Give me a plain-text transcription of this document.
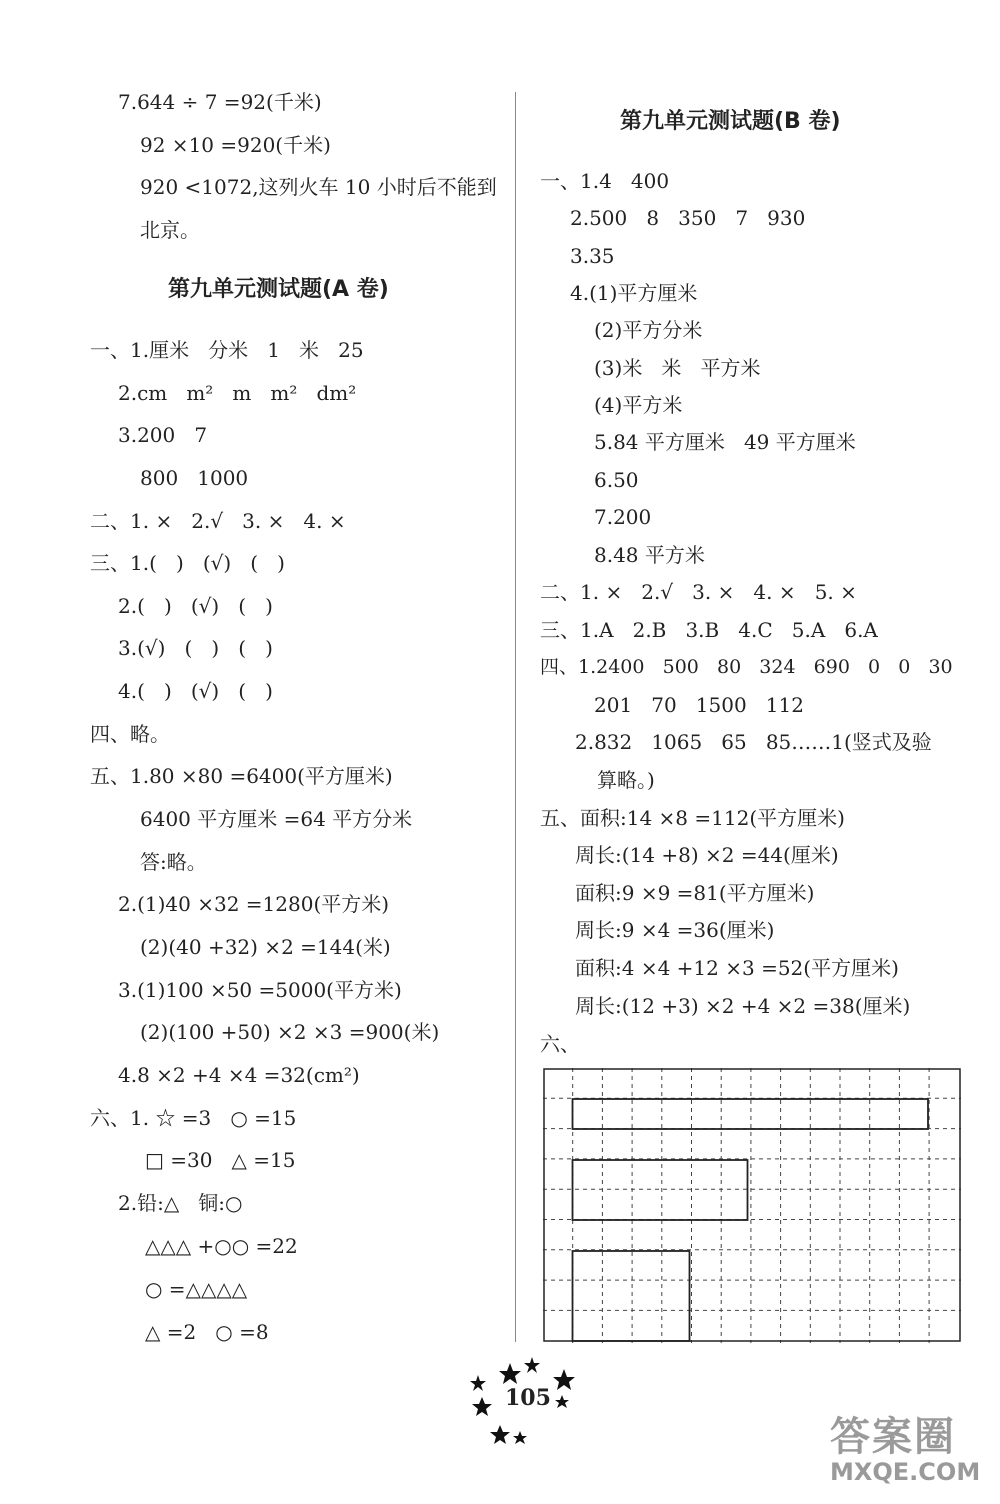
7.644 ÷ 7 =92(千米)
92 ×10 =920(千米)
920 <1072,这列火车 10 小时后不能到
北京。
第九单元测试题(A 卷)
一、1.厘米   分米   1   米   25
2.cm   m²   m   m²   dm²
3.200   7
800   1000
二、1. ×   2.√   3. ×   4. ×
三、1.(   )   (√)   (   )
2.(   )   (√)   (   )
3.(√)   (   )   (   )
4.(   )   (√)   (   )
四、略。
五、1.80 ×80 =6400(平方厘米)
6400 平方厘米 =64 平方分米
答:略。
2.(1)40 ×32 =1280(平方米)
(2)(40 +32) ×2 =144(米)
3.(1)100 ×50 =5000(平方米)
(2)(100 +50) ×2 ×3 =900(米)
4.8 ×2 +4 ×4 =32(cm²)
六、1. ☆ =3   ○ =15
□ =30   △ =15
2.铅:△   铜:○
△△△ +○○ =22
○ =△△△△
△ =2   ○ =8
第九单元测试题(B 卷)
一、1.4   400
2.500   8   350   7   930
3.35
4.(1)平方厘米
(2)平方分米
(3)米   米   平方米
(4)平方米
5.84 平方厘米   49 平方厘米
6.50
7.200
8.48 平方米
二、1. ×   2.√   3. ×   4. ×   5. ×
三、1.A   2.B   3.B   4.C   5.A   6.A
四、1.2400   500   80   324   690   0   0   30
201   70   1500   112
2.832   1065   65   85……1(竖式及验
算略。)
五、面积:14 ×8 =112(平方厘米)
周长:(14 +8) ×2 =44(厘米)
面积:9 ×9 =81(平方厘米)
周长:9 ×4 =36(厘米)
面积:4 ×4 +12 ×3 =52(平方厘米)
周长:(12 +3) ×2 +4 ×2 =38(厘米)
六、
105
答案圈
MXQE.COM
